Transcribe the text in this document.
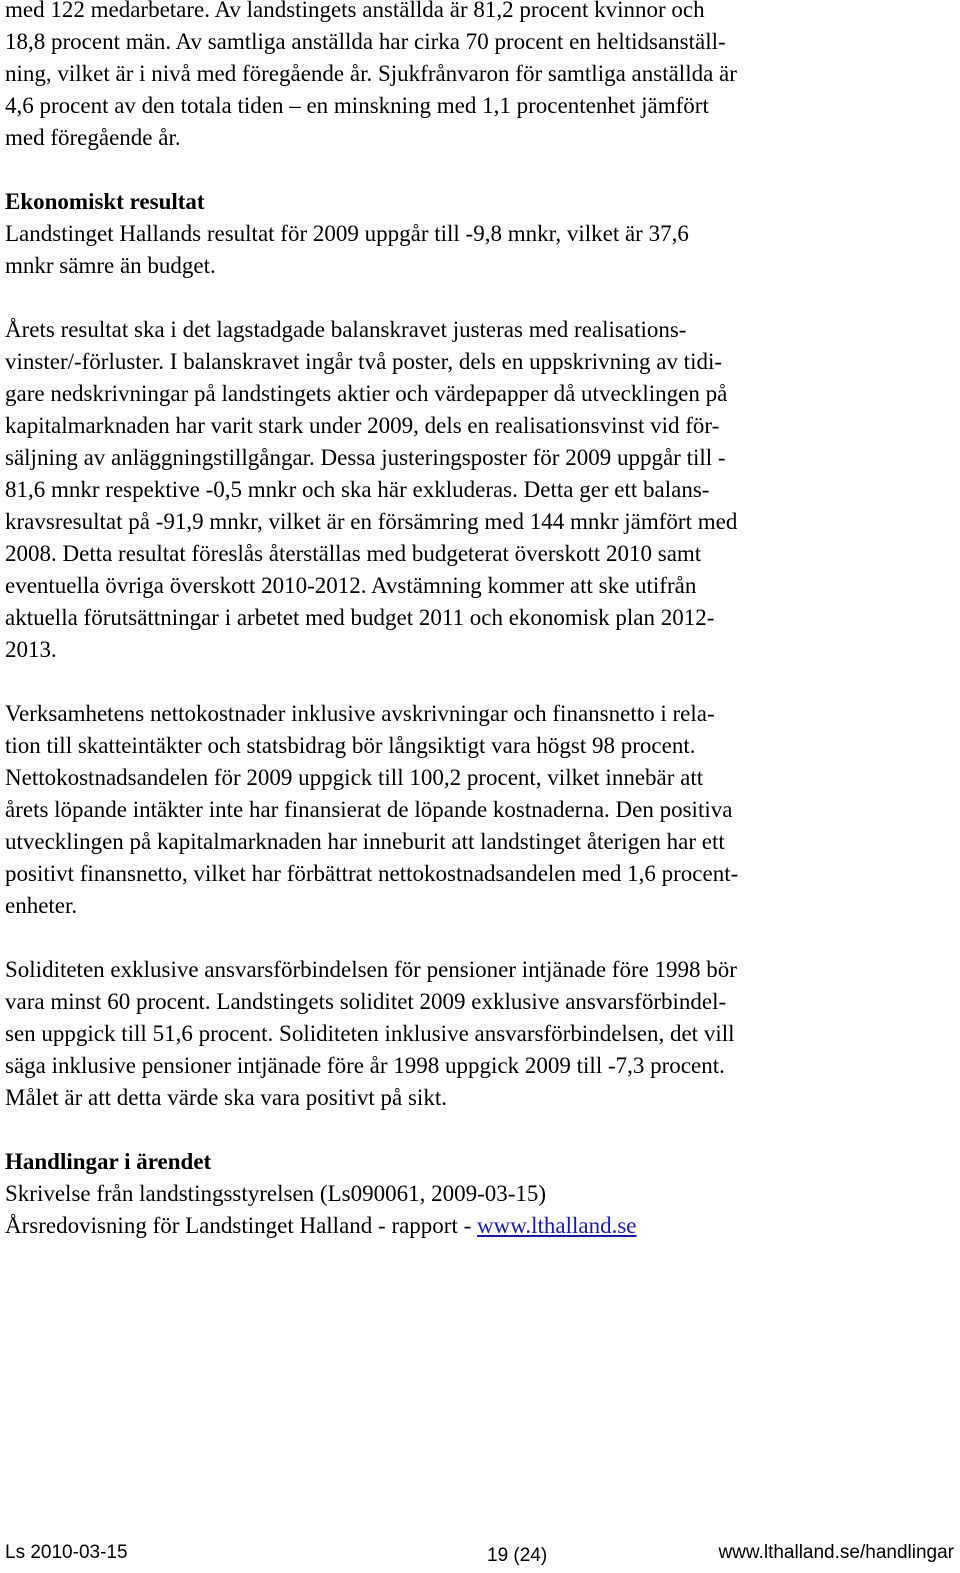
med 122 medarbetare. Av landstingets anställda är 81,2 procent kvinnor och
18,8 procent män. Av samtliga anställda har cirka 70 procent en heltidsanställ-
ning, vilket är i nivå med föregående år. Sjukfrånvaron för samtliga anställda är
4,6 procent av den totala tiden – en minskning med 1,1 procentenhet jämfört
med föregående år.
Ekonomiskt resultat
Landstinget Hallands resultat för 2009 uppgår till -9,8 mnkr, vilket är 37,6
mnkr sämre än budget.
Årets resultat ska i det lagstadgade balanskravet justeras med realisations-
vinster/-förluster. I balanskravet ingår två poster, dels en uppskrivning av tidi-
gare nedskrivningar på landstingets aktier och värdepapper då utvecklingen på
kapitalmarknaden har varit stark under 2009, dels en realisationsvinst vid för-
säljning av anläggningstillgångar. Dessa justeringsposter för 2009 uppgår till -
81,6 mnkr respektive -0,5 mnkr och ska här exkluderas. Detta ger ett balans-
kravsresultat på -91,9 mnkr, vilket är en försämring med 144 mnkr jämfört med
2008. Detta resultat föreslås återställas med budgeterat överskott 2010 samt
eventuella övriga överskott 2010-2012. Avstämning kommer att ske utifrån
aktuella förutsättningar i arbetet med budget 2011 och ekonomisk plan 2012-
2013.
Verksamhetens nettokostnader inklusive avskrivningar och finansnetto i rela-
tion till skatteintäkter och statsbidrag bör långsiktigt vara högst 98 procent.
Nettokostnadsandelen för 2009 uppgick till 100,2 procent, vilket innebär att
årets löpande intäkter inte har finansierat de löpande kostnaderna. Den positiva
utvecklingen på kapitalmarknaden har inneburit att landstinget återigen har ett
positivt finansnetto, vilket har förbättrat nettokostnadsandelen med 1,6 procent-
enheter.
Soliditeten exklusive ansvarsförbindelsen för pensioner intjänade före 1998 bör
vara minst 60 procent. Landstingets soliditet 2009 exklusive ansvarsförbindel-
sen uppgick till 51,6 procent. Soliditeten inklusive ansvarsförbindelsen, det vill
säga inklusive pensioner intjänade före år 1998 uppgick 2009 till -7,3 procent.
Målet är att detta värde ska vara positivt på sikt.
Handlingar i ärendet
Skrivelse från landstingsstyrelsen (Ls090061, 2009-03-15)
Årsredovisning för Landstinget Halland - rapport - www.lthalland.se
Ls 2010-03-15	19 (24)	www.lthalland.se/handlingar
